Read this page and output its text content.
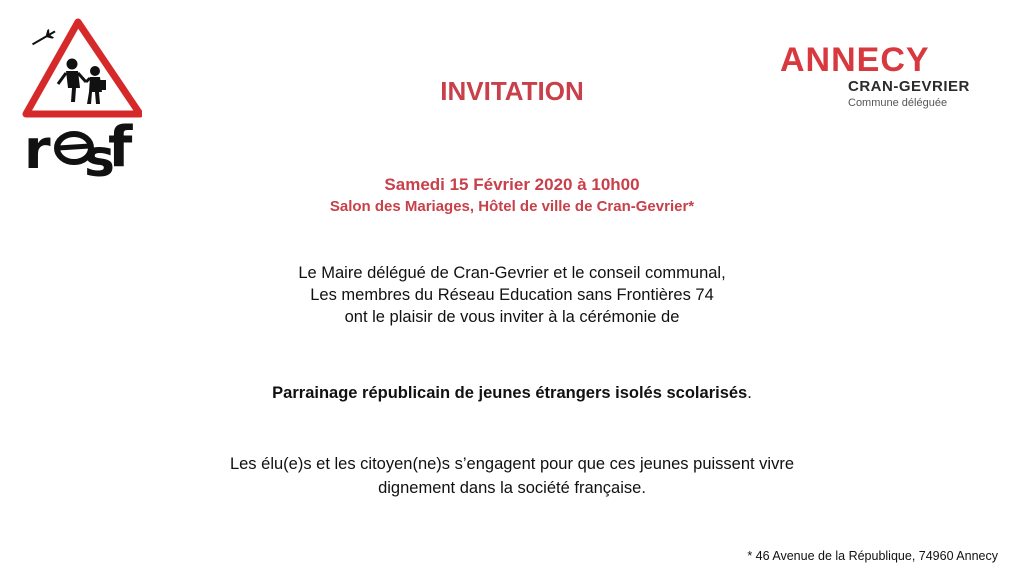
r s
f
ANNECY
CRAN-GEVRIER
Commune déléguée
INVITATION
Samedi 15 Février 2020 à 10h00
Salon des Mariages, Hôtel de ville de Cran-Gevrier*
Le Maire délégué de Cran-Gevrier et le conseil communal,
Les membres du Réseau Education sans Frontières 74
ont le plaisir de vous inviter à la cérémonie de
Parrainage républicain de jeunes étrangers isolés scolarisés.
Les élu(e)s et les citoyen(ne)s s’engagent pour que ces jeunes puissent vivre
dignement dans la société française.
* 46 Avenue de la République, 74960 Annecy
